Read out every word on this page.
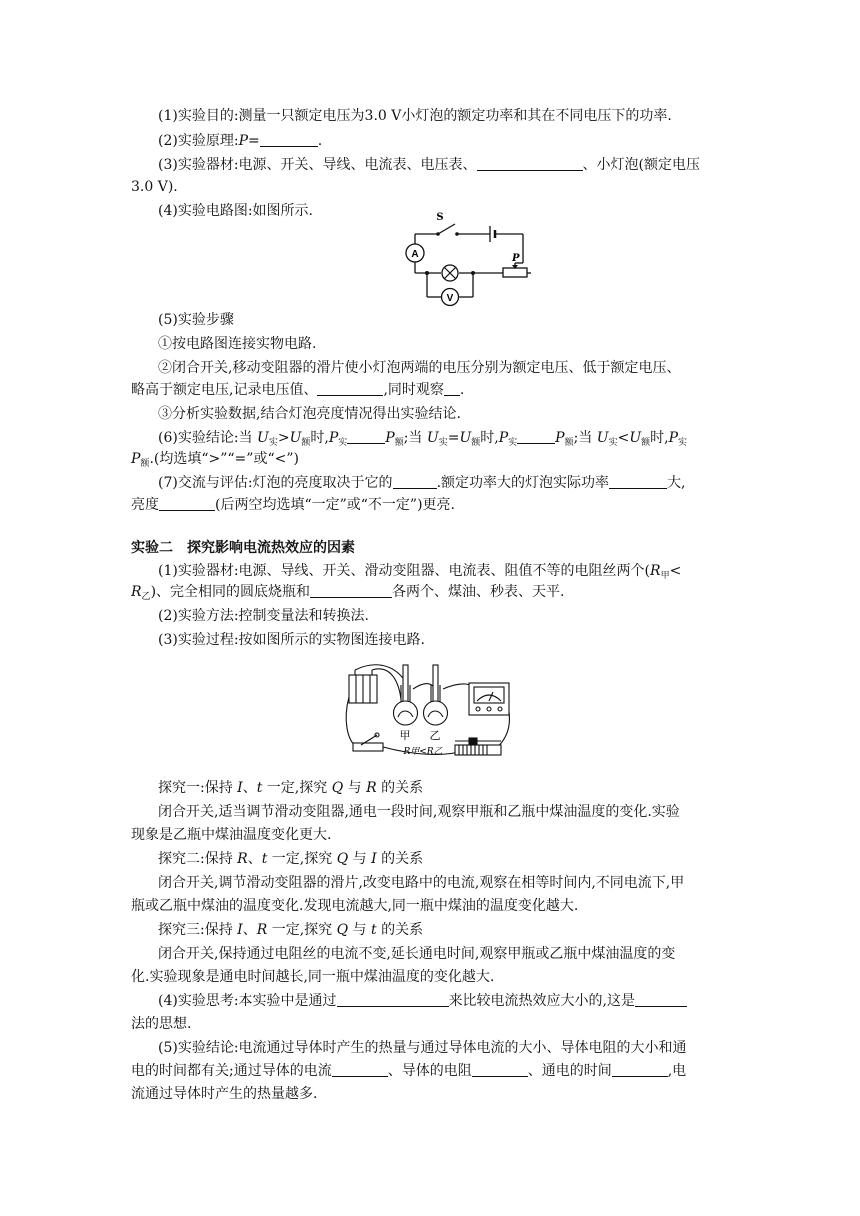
(1)实验目的:测量一只额定电压为3.0 V小灯泡的额定功率和其在不同电压下的功率.
(2)实验原理:P=	.
(3)实验器材:电源、开关、导线、电流表、电压表、	、小灯泡(额定电压
3.0 V).
(4)实验电路图:如图所示.
A
V
S
P
(5)实验步骤
①按电路图连接实物电路.
②闭合开关,移动变阻器的滑片使小灯泡两端的电压分别为额定电压、低于额定电压、
略高于额定电压,记录电压值、	,同时观察 .
③分析实验数据,结合灯泡亮度情况得出实验结论.
(6)实验结论:当 $U_实>U_额$时$,P_实$	$P_额$;当 $U_实=U_额$时$,P_实$	$P_额$;当 $U_实<U_额$时$,P_实$
$P_额$.(均选填“>”“=”或“<”)
(7)交流与评估:灯泡的亮度取决于它的	.额定功率大的灯泡实际功率	大,
亮度	(后两空均选填“一定”或“不一定”)更亮.
实验二　探究影响电流热效应的因素
(1)实验器材:电源、导线、开关、滑动变阻器、电流表、阻值不等的电阻丝两个($R_甲<$
$R_乙$)、完全相同的圆底烧瓶和	各两个、煤油、秒表、天平.
(2)实验方法:控制变量法和转换法.
(3)实验过程:按如图所示的实物图连接电路.
甲 乙
R甲<R乙
探究一:保持 I、t 一定,探究 Q 与 R 的关系
闭合开关,适当调节滑动变阻器,通电一段时间,观察甲瓶和乙瓶中煤油温度的变化.实验
现象是乙瓶中煤油温度变化更大.
探究二:保持 R、t 一定,探究 Q 与 I 的关系
闭合开关,调节滑动变阻器的滑片,改变电路中的电流,观察在相等时间内,不同电流下,甲
瓶或乙瓶中煤油的温度变化.发现电流越大,同一瓶中煤油的温度变化越大.
探究三:保持 I、R 一定,探究 Q 与 t 的关系
闭合开关,保持通过电阻丝的电流不变,延长通电时间,观察甲瓶或乙瓶中煤油温度的变
化.实验现象是通电时间越长,同一瓶中煤油温度的变化越大.
(4)实验思考:本实验中是通过	来比较电流热效应大小的,这是
法的思想.
(5)实验结论:电流通过导体时产生的热量与通过导体电流的大小、导体电阻的大小和通
电的时间都有关;通过导体的电流	、导体的电阻	、通电的时间	,电
流通过导体时产生的热量越多.
